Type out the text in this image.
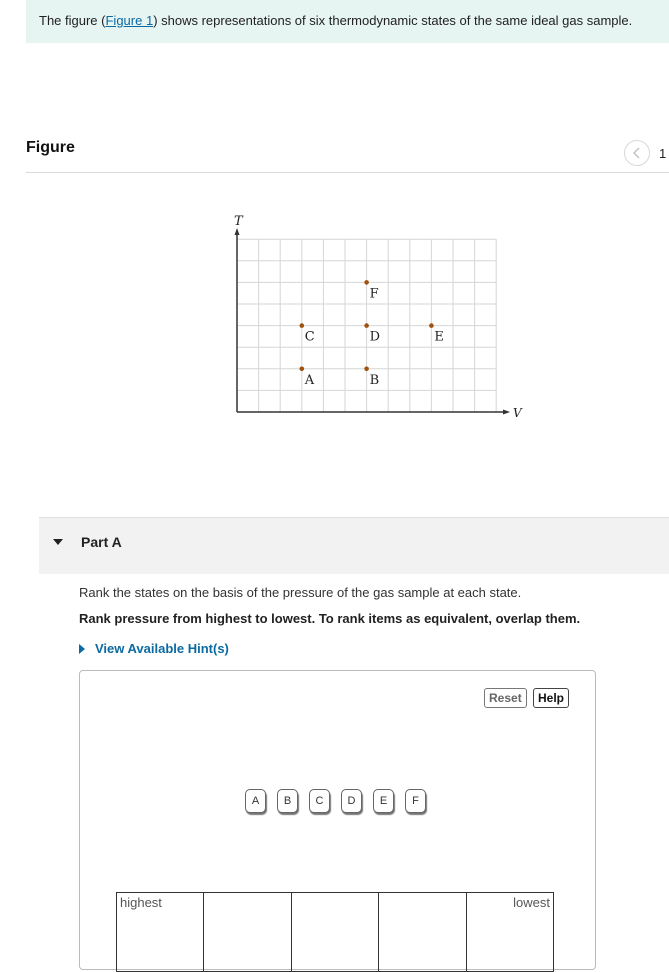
The figure (Figure 1) shows representations of six thermodynamic states of the same ideal gas sample.
Figure	1
T
V
A	B
C	D	E
F
Part A
Rank the states on the basis of the pressure of the gas sample at each state.
Rank pressure from highest to lowest. To rank items as equivalent, overlap them.
View Available Hint(s)
Reset	Help
A	B	C	D	E	F
highest	lowest
